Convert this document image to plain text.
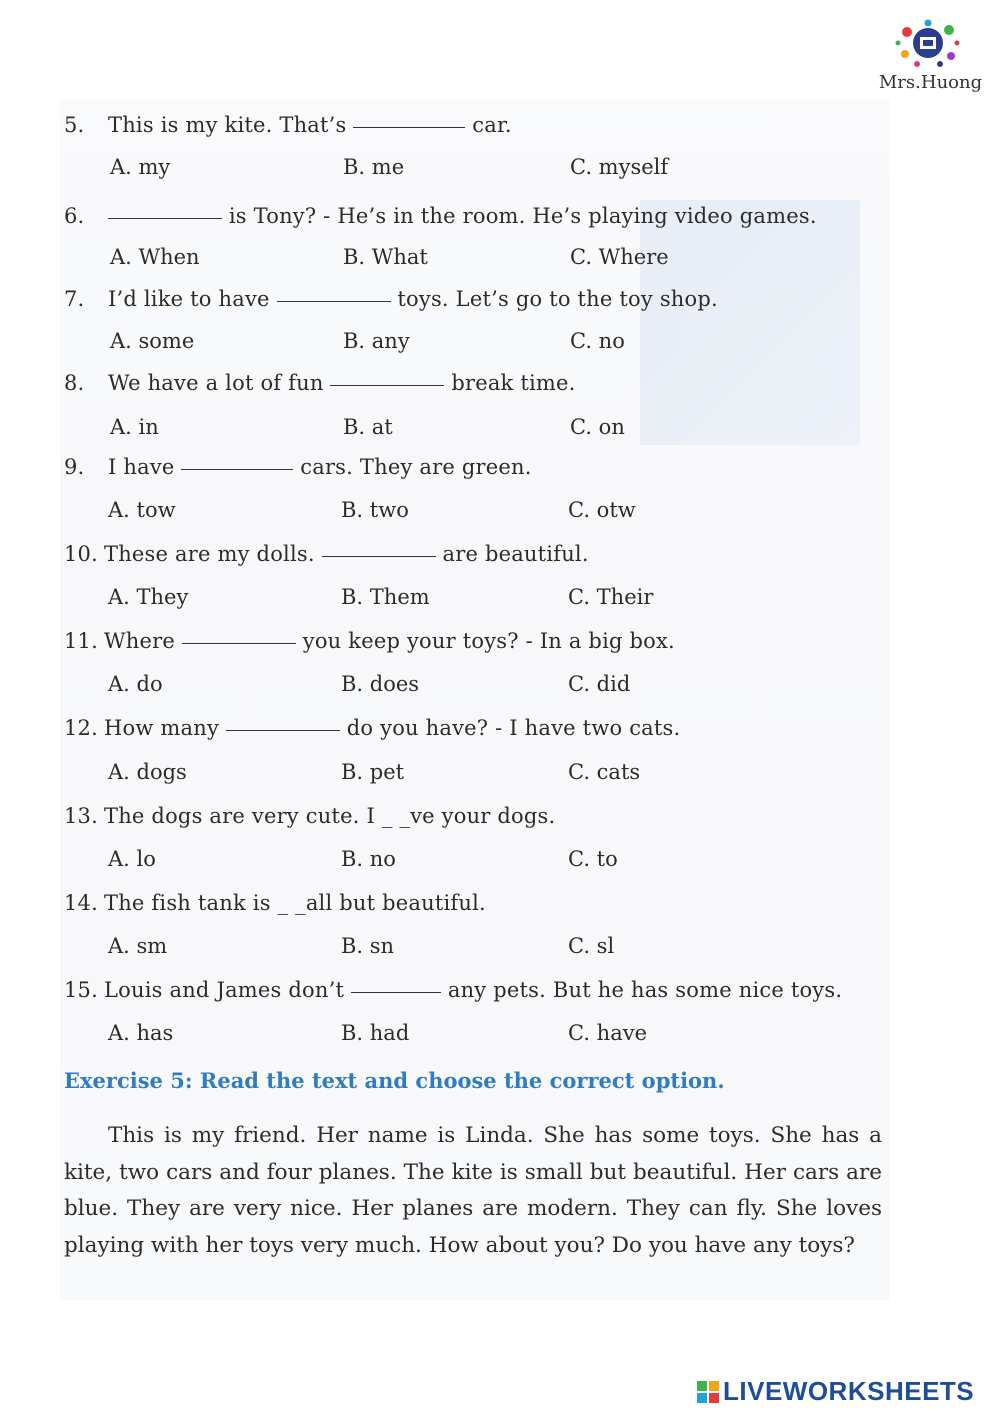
Mrs.Huong
5. This is my kite. That’s	car.
A. my	B. me	C. myself
6.	is Tony? - He’s in the room. He’s playing video games.
A. When	B. What	C. Where
7. I’d like to have	toys. Let’s go to the toy shop.
A. some	B. any	C. no
8. We have a lot of fun	break time.
A. in	B. at	C. on
9. I have	cars. They are green.
A. tow	B. two	C. otw
10. These are my dolls.	are beautiful.
A. They	B. Them	C. Their
11. Where	you keep your toys? - In a big box.
A. do	B. does	C. did
12. How many	do you have? - I have two cats.
A. dogs	B. pet	C. cats
13. The dogs are very cute. I _ _ve your dogs.
A. lo	B. no	C. to
14. The fish tank is _ _all but beautiful.
A. sm	B. sn	C. sl
15. Louis and James don’t	any pets. But he has some nice toys.
A. has	B. had	C. have
Exercise 5: Read the text and choose the correct option.
This is my friend. Her name is Linda. She has some toys. She has a kite, two cars and four planes. The kite is small but beautiful. Her cars are blue. They are very nice. Her planes are modern. They can fly. She loves playing with her toys very much. How about you? Do you have any toys?
LIVEWORKSHEETS
